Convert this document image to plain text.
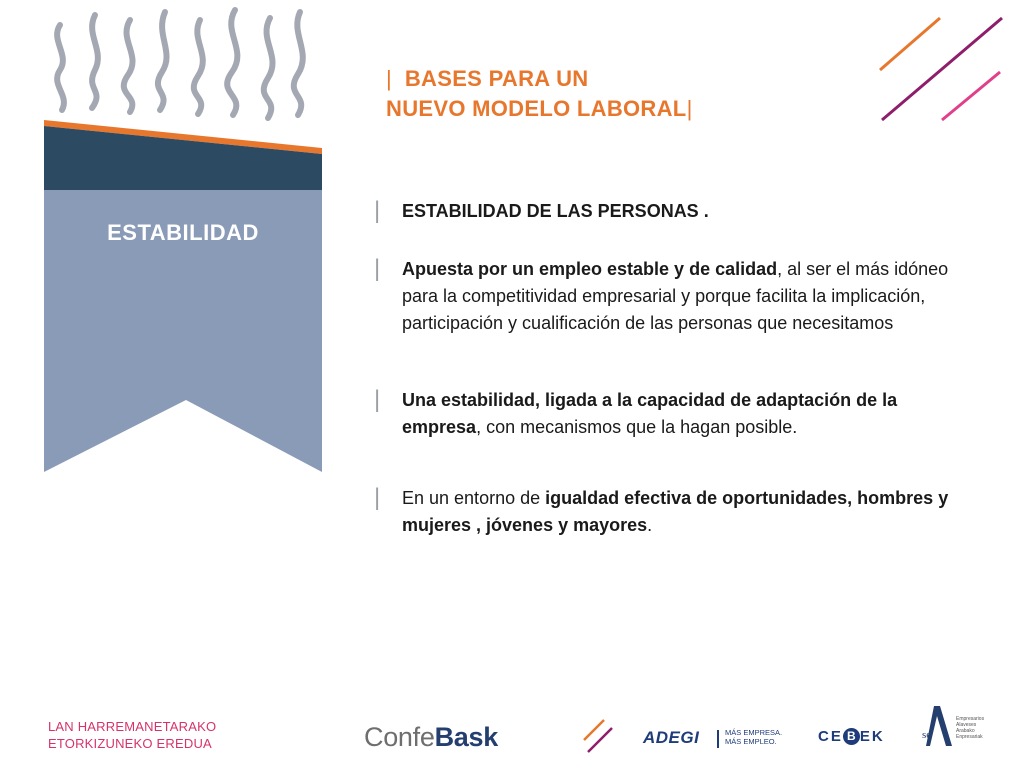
ESTABILIDAD
|  BASES PARA UN
NUEVO MODELO LABORAL|
| ESTABILIDAD DE LAS PERSONAS .
| Apuesta por un empleo estable y de calidad, al ser el más idóneo para la competitividad empresarial y porque facilita la implicación, participación y cualificación de las personas que necesitamos
| Una estabilidad, ligada a la capacidad de adaptación de la empresa, con mecanismos que la hagan posible.
| En un entorno de igualdad efectiva de oportunidades, hombres y mujeres , jóvenes y mayores.
LAN HARREMANETARAKO
ETORKIZUNEKO EREDUA	ConfeBask	ADEGI	MÁS EMPRESA.
MÁS EMPLEO.	CE B EK	se
Empresarios Alaveses Arabako Enpresariak
